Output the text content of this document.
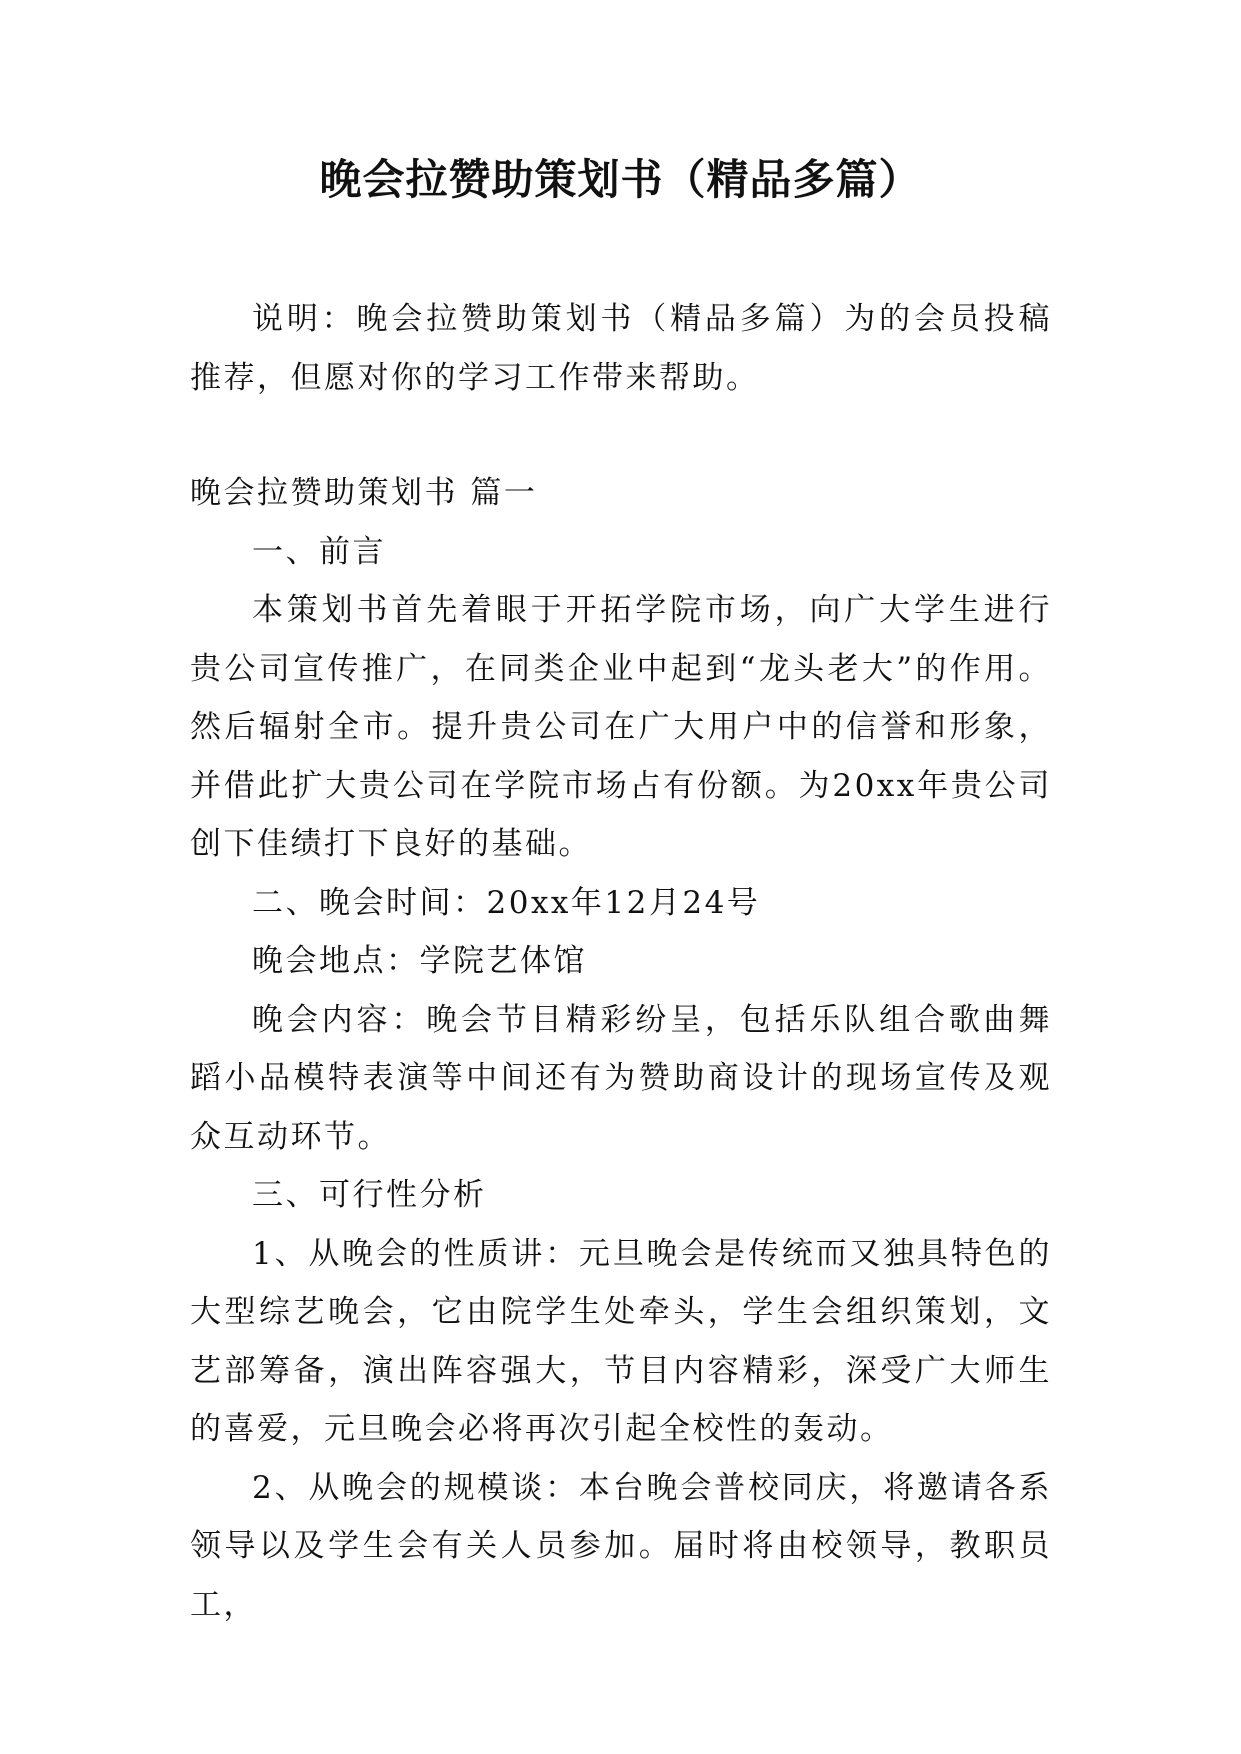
晚会拉赞助策划书（精品多篇）

说明：晚会拉赞助策划书（精品多篇）为的会员投稿推荐，但愿对你的学习工作带来帮助。

晚会拉赞助策划书 篇一

一、前言

本策划书首先着眼于开拓学院市场，向广大学生进行贵公司宣传推广，在同类企业中起到“龙头老大”的作用。然后辐射全市。提升贵公司在广大用户中的信誉和形象，并借此扩大贵公司在学院市场占有份额。为20xx年贵公司创下佳绩打下良好的基础。

二、晚会时间：20xx年12月24号

晚会地点：学院艺体馆

晚会内容：晚会节目精彩纷呈，包括乐队组合歌曲舞蹈小品模特表演等中间还有为赞助商设计的现场宣传及观众互动环节。

三、可行性分析

1、从晚会的性质讲：元旦晚会是传统而又独具特色的大型综艺晚会，它由院学生处牵头，学生会组织策划，文艺部筹备，演出阵容强大，节目内容精彩，深受广大师生的喜爱，元旦晚会必将再次引起全校性的轰动。

2、从晚会的规模谈：本台晚会普校同庆，将邀请各系领导以及学生会有关人员参加。届时将由校领导，教职员工，
